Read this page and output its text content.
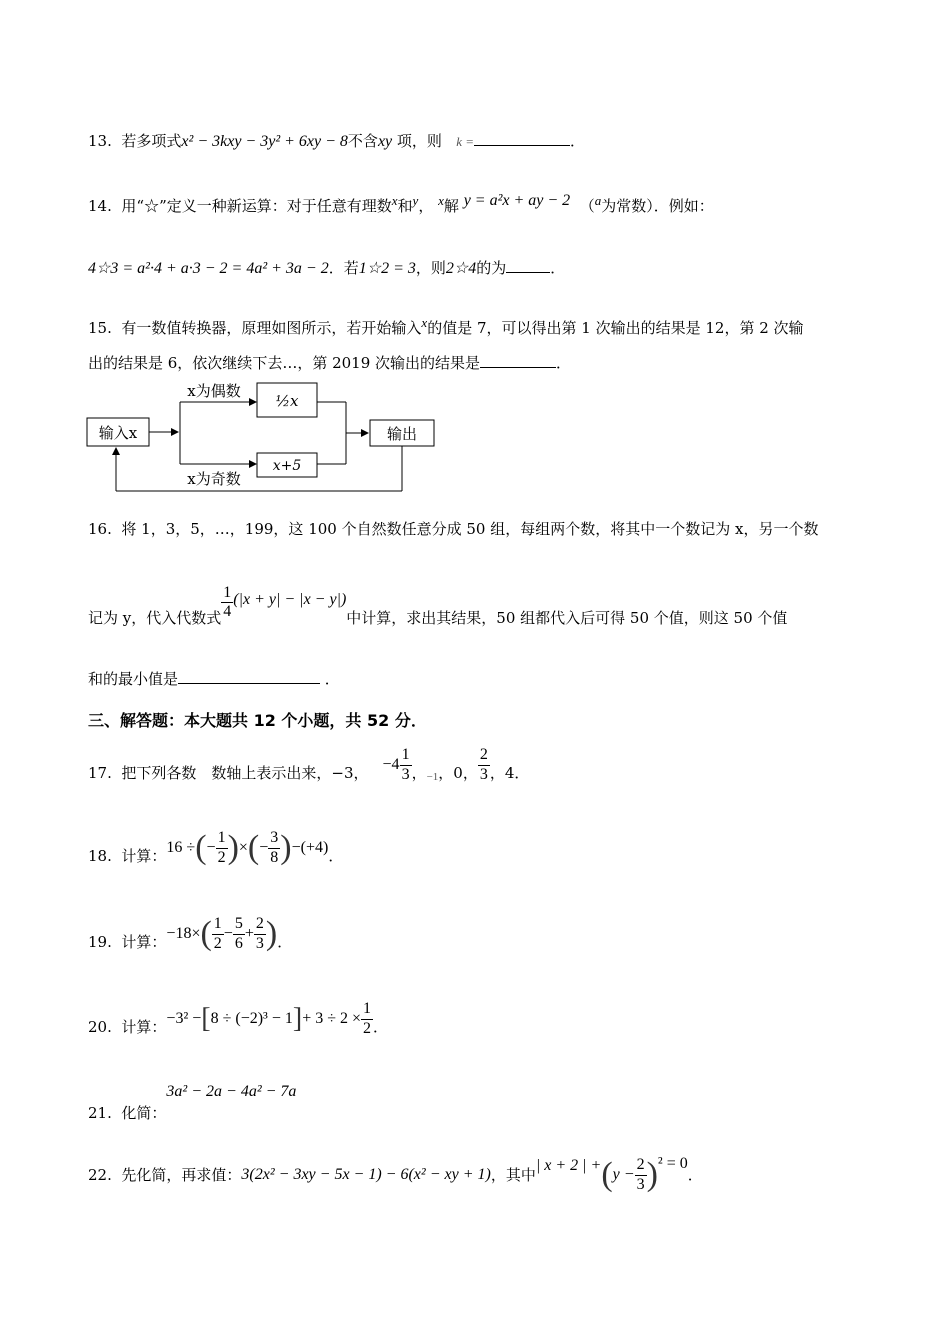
13. 若多项式x² − 3kxy − 3y² + 6xy − 8不含xy 项，则 k =	．
14. 用“☆”定义一种新运算：对于任意有理数$^x$和$^y$， $^x$解 $^{y = a^2x + ay - 2}$ （$^a$为常数）．例如：
4☆3 = a²·4 + a·3 − 2 = 4a² + 3a − 2．若1☆2 = 3，则2☆4的为	．
15. 有一数值转换器，原理如图所示，若开始输入$^x$的值是 7，可以得出第 1 次输出的结果是 12，第 2 次输
出的结果是 6，依次继续下去…，第 2019 次输出的结果是	．
输入x
x为偶数
½x
x为奇数
x+5
输出
16. 将 1，3，5，…，199，这 100 个自然数任意分成 50 组，每组两个数，将其中一个数记为 x，另一个数
记为 y，代入代数式 $\frac{1}{4} (|x + y| - |x - y|)$
中计算，求出其结果，50 组都代入后可得 50 个值，则这 50 个值
和的最小值是	．
三、解答题：本大题共 12 个小题，共 52 分．
17. 把下列各数　数轴上表示出来，−3， $-4 \frac{1}{3}$ ， −1 ，0， $\frac{2}{3}$ ，4．
18. 计算： 16 ÷ ( − $\frac{1}{2}$ ) × ( − $\frac{3}{8}$ ) − (+4) ．
19. 计算： −18× ( $\frac{1}{2} - \frac{5}{6} + \frac{2}{3}$ ) ．
20. 计算： −3² − [ 8 ÷ (−2)³ − 1 ] + $3 \div 2 \times \frac{1}{2}$ ．
21. 化简：
3a² − 2a − 4a² − 7a
22. 先化简，再求值： 3(2x² − 3xy − 5x − 1) − 6(x² − xy + 1) ，其中 | x + 2 | + ( $y - \frac{2}{3}$ ) ² = 0
．
